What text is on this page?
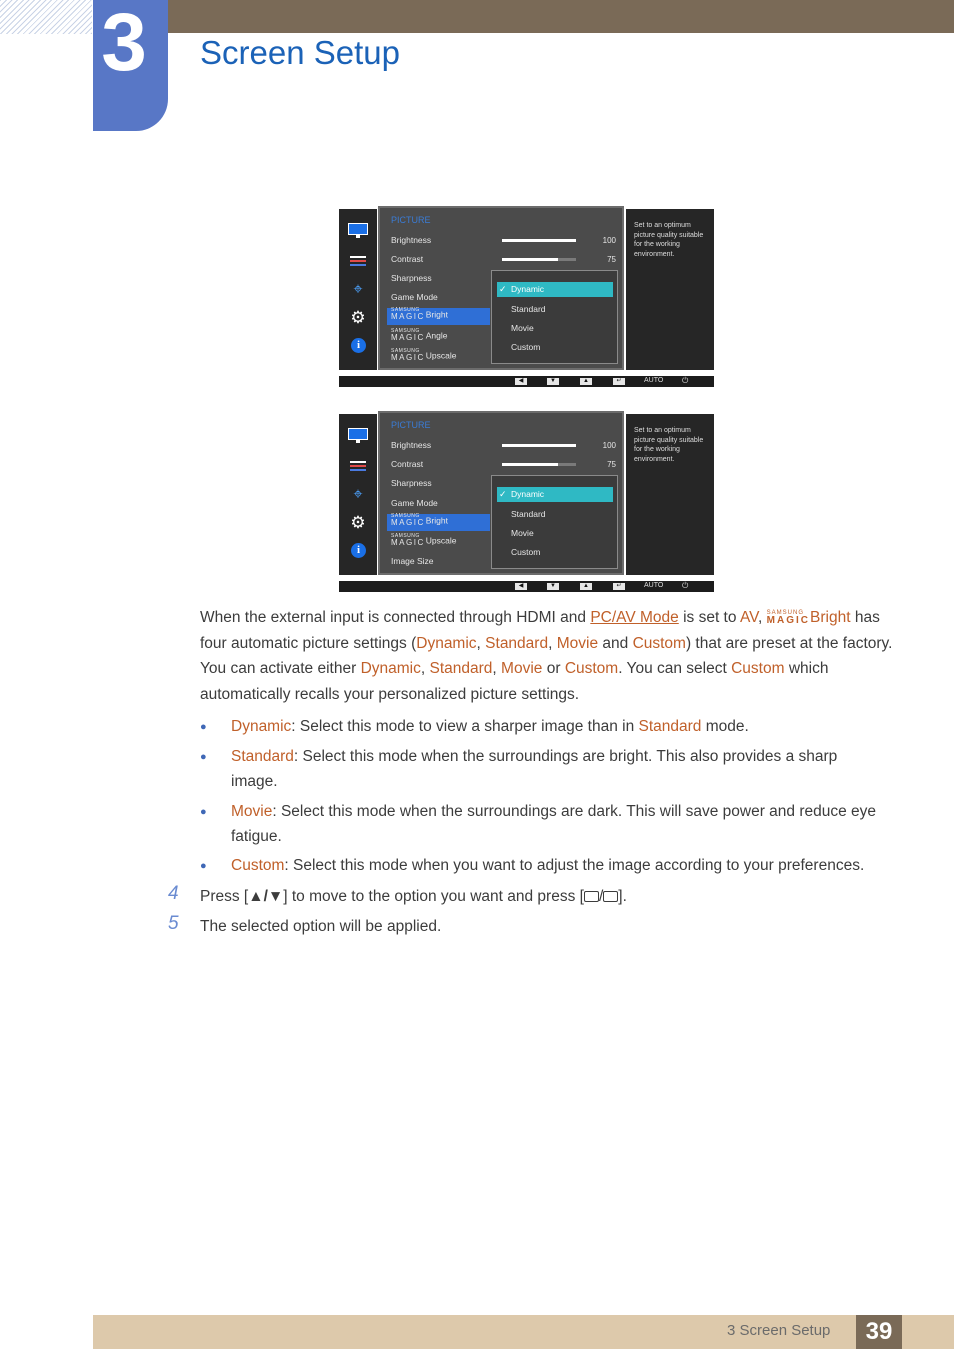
3 Screen Setup
⌖
⚙
i
PICTURE
Brightness	100
Contrast	75
Sharpness
Game Mode
SAMSUNG
MAGIC Bright
SAMSUNG
MAGIC Angle
SAMSUNG
MAGIC Upscale
✓ Dynamic
Standard
Movie
Custom
Set to an optimum picture quality suitable for the working environment.
◀	▼	▲	↵	AUTO ⏻
⌖
⚙
i
PICTURE
Brightness	100
Contrast	75
Sharpness
Game Mode
SAMSUNG
MAGIC Bright
SAMSUNG
MAGIC Upscale
Image Size
✓ Dynamic
Standard
Movie
Custom
Set to an optimum picture quality suitable for the working environment.
◀	▼	▲	↵	AUTO ⏻
When the external input is connected through HDMI and PC/AV Mode is set to AV, SAMSUNG
MAGIC Bright has four automatic picture settings (Dynamic, Standard, Movie and Custom) that are preset at the factory. You can activate either Dynamic, Standard, Movie or Custom. You can select Custom which automatically recalls your personalized picture settings.
● Dynamic: Select this mode to view a sharper image than in Standard mode.
● Standard: Select this mode when the surroundings are bright. This also provides a sharp image.
● Movie: Select this mode when the surroundings are dark. This will save power and reduce eye fatigue.
● Custom: Select this mode when you want to adjust the image according to your preferences.
4 Press [▲/▼] to move to the option you want and press [ / ].
5 The selected option will be applied.
3 Screen Setup	39
